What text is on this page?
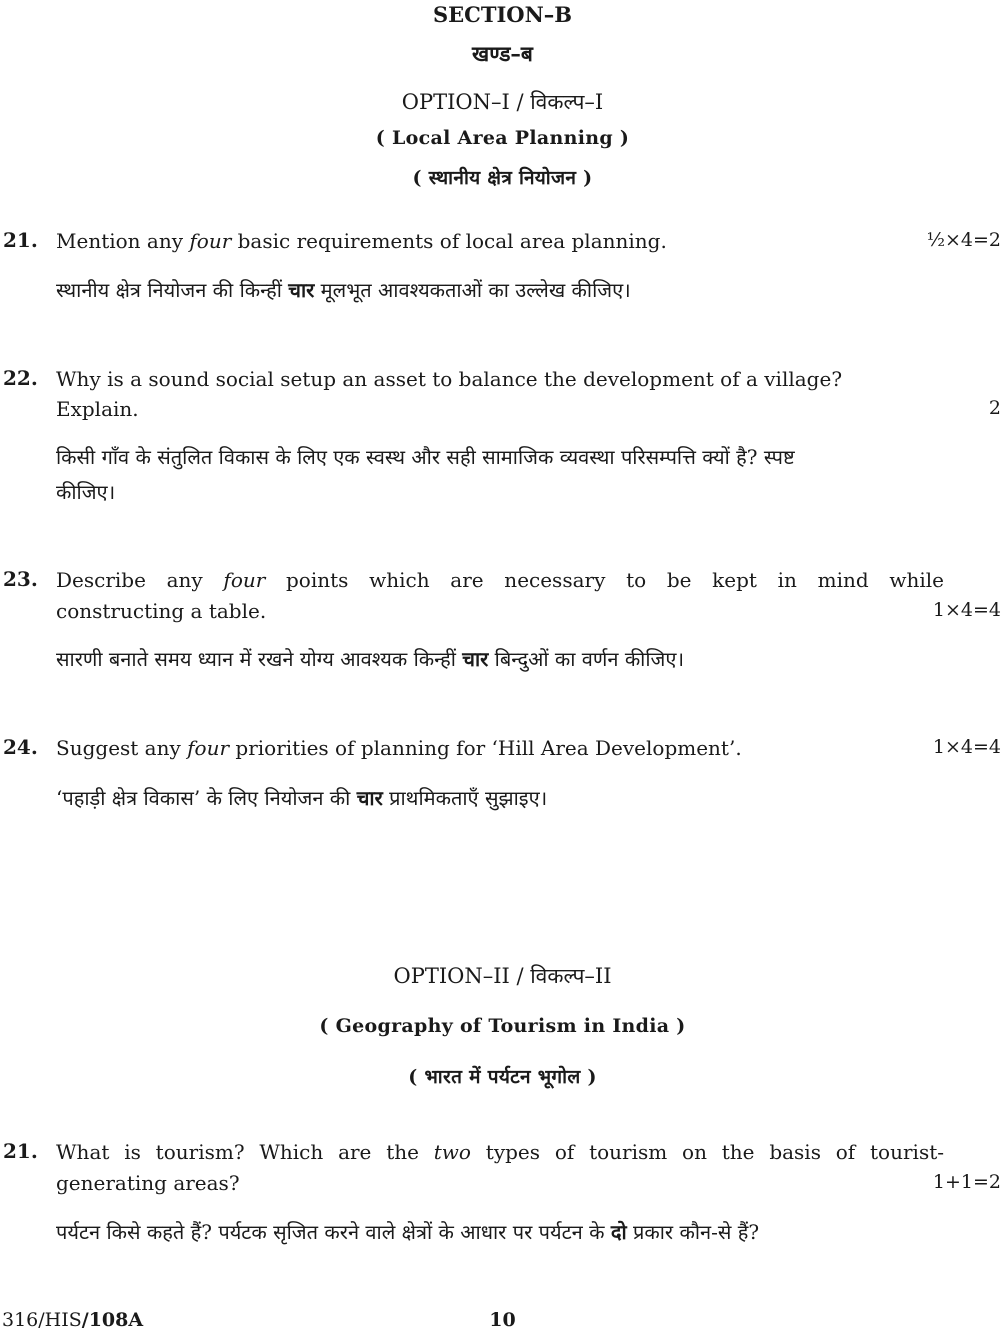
SECTION–B
खण्ड–ब
OPTION–I / विकल्प–I
( Local Area Planning )
( स्थानीय क्षेत्र नियोजन )
21. Mention any four basic requirements of local area planning.	½×4=2
स्थानीय क्षेत्र नियोजन की किन्हीं चार मूलभूत आवश्यकताओं का उल्लेख कीजिए।
22. Why is a sound social setup an asset to balance the development of a village?
Explain.	2
किसी गाँव के संतुलित विकास के लिए एक स्वस्थ और सही सामाजिक व्यवस्था परिसम्पत्ति क्यों है? स्पष्ट
कीजिए।
23. Describe any four points which are necessary to be kept in mind while
constructing a table.	1×4=4
सारणी बनाते समय ध्यान में रखने योग्य आवश्यक किन्हीं चार बिन्दुओं का वर्णन कीजिए।
24. Suggest any four priorities of planning for ‘Hill Area Development’.	1×4=4
‘पहाड़ी क्षेत्र विकास’ के लिए नियोजन की चार प्राथमिकताएँ सुझाइए।
OPTION–II / विकल्प–II
( Geography of Tourism in India )
( भारत में पर्यटन भूगोल )
21. What is tourism? Which are the two types of tourism on the basis of tourist-
generating areas?	1+1=2
पर्यटन किसे कहते हैं? पर्यटक सृजित करने वाले क्षेत्रों के आधार पर पर्यटन के दो प्रकार कौन-से हैं?
316/HIS/108A	10
